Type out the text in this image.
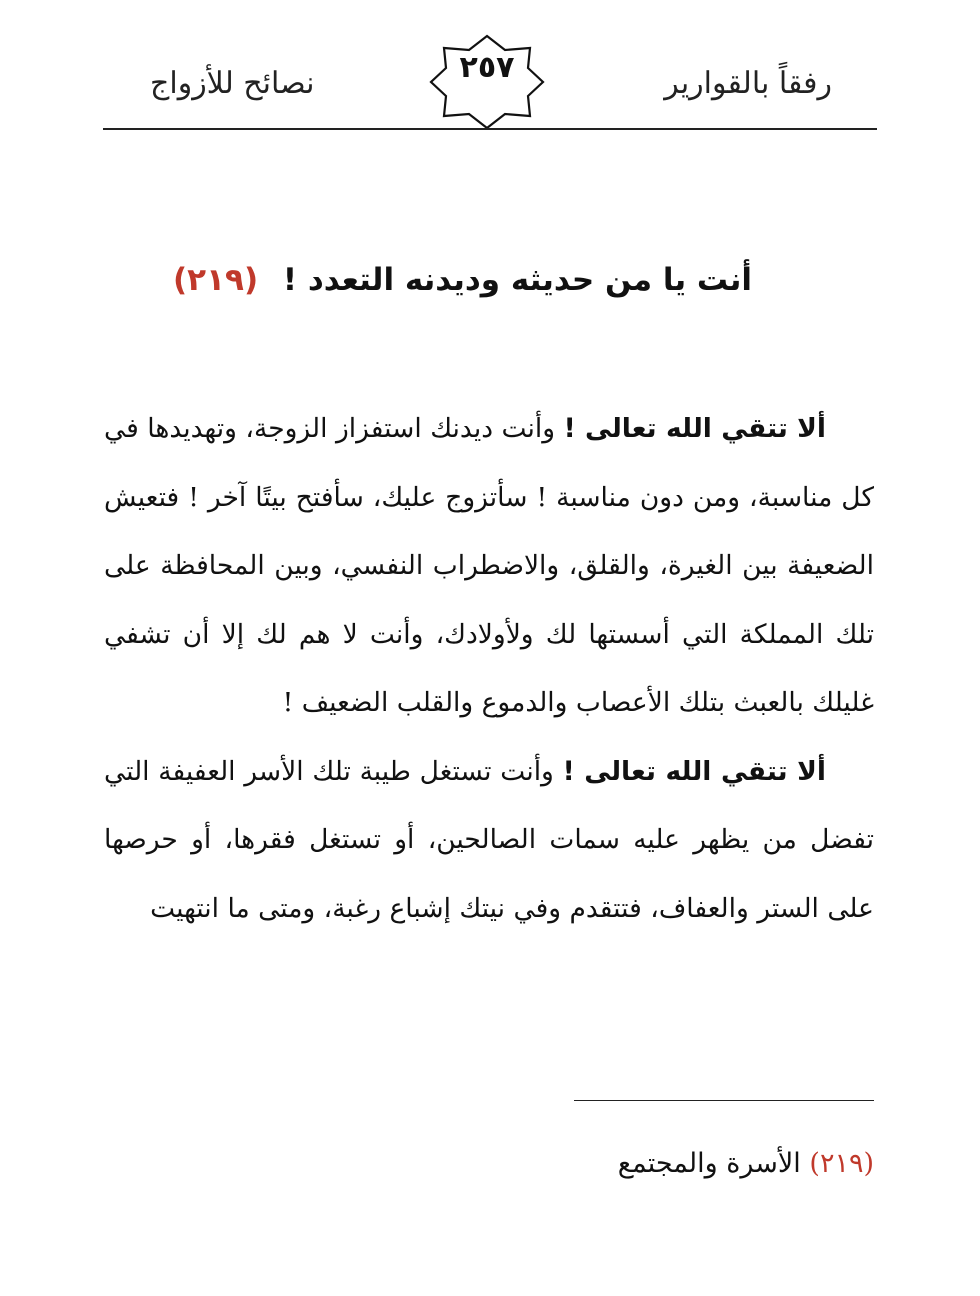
رفقاً بالقوارير
٢٥٧
نصائح للأزواج
أنت يا من حديثه وديدنه التعدد ! (٢١٩)

ألا تتقي الله تعالى ! وأنت ديدنك استفزاز الزوجة، وتهديدها في كل مناسبة، ومن دون مناسبة ! سأتزوج عليك، سأفتح بيتًا آخر ! فتعيش الضعيفة بين الغيرة، والقلق، والاضطراب النفسي، وبين المحافظة على تلك المملكة التي أسستها لك ولأولادك، وأنت لا هم لك إلا أن تشفي غليلك بالعبث بتلك الأعصاب والدموع والقلب الضعيف !

ألا تتقي الله تعالى ! وأنت تستغل طيبة تلك الأسر العفيفة التي تفضل من يظهر عليه سمات الصالحين، أو تستغل فقرها، أو حرصها على الستر والعفاف، فتتقدم وفي نيتك إشباع رغبة، ومتى ما انتهيت

(٢١٩) الأسرة والمجتمع
